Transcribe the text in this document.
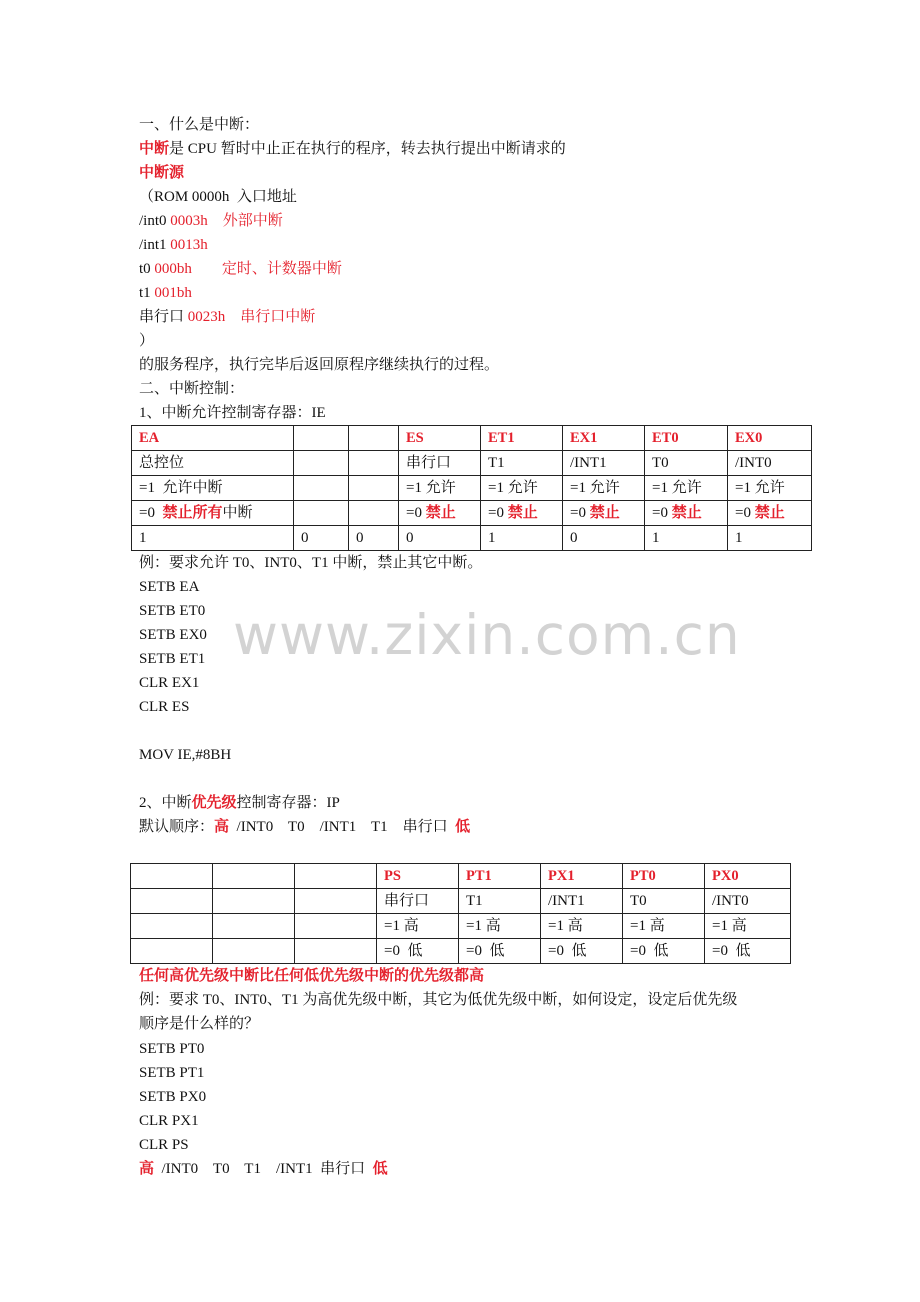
www.zixin.com.cn
一、什么是中断：
中断是 CPU 暂时中止正在执行的程序，转去执行提出中断请求的
中断源
（ROM 0000h  入口地址
/int0 0003h 外部中断
/int1 0013h
t0 000bh 定时、计数器中断
t1 001bh
串行口 0023h 串行口中断
）
的服务程序，执行完毕后返回原程序继续执行的过程。
二、中断控制：
1、中断允许控制寄存器：IE
EA			ES	ET1	EX1	ET0	EX0
总控位			串行口	T1	/INT1	T0	/INT0
=1  允许中断			=1 允许	=1 允许	=1 允许	=1 允许	=1 允许
=0  禁止所有中断			=0 禁止	=0 禁止	=0 禁止	=0 禁止	=0 禁止
1	0	0	0	1	0	1	1
例：要求允许 T0、INT0、T1 中断，禁止其它中断。
SETB EA
SETB ET0
SETB EX0
SETB ET1
CLR EX1
CLR ES
MOV IE,#8BH
2、中断优先级控制寄存器：IP
默认顺序：高  /INT0    T0    /INT1    T1    串行口  低
			PS	PT1	PX1	PT0	PX0
			串行口	T1	/INT1	T0	/INT0
			=1 高	=1 高	=1 高	=1 高	=1 高
			=0  低	=0  低	=0  低	=0  低	=0  低
任何高优先级中断比任何低优先级中断的优先级都高
例：要求 T0、INT0、T1 为高优先级中断，其它为低优先级中断，如何设定，设定后优先级
顺序是什么样的？
SETB PT0
SETB PT1
SETB PX0
CLR PX1
CLR PS
高  /INT0    T0    T1    /INT1  串行口  低
